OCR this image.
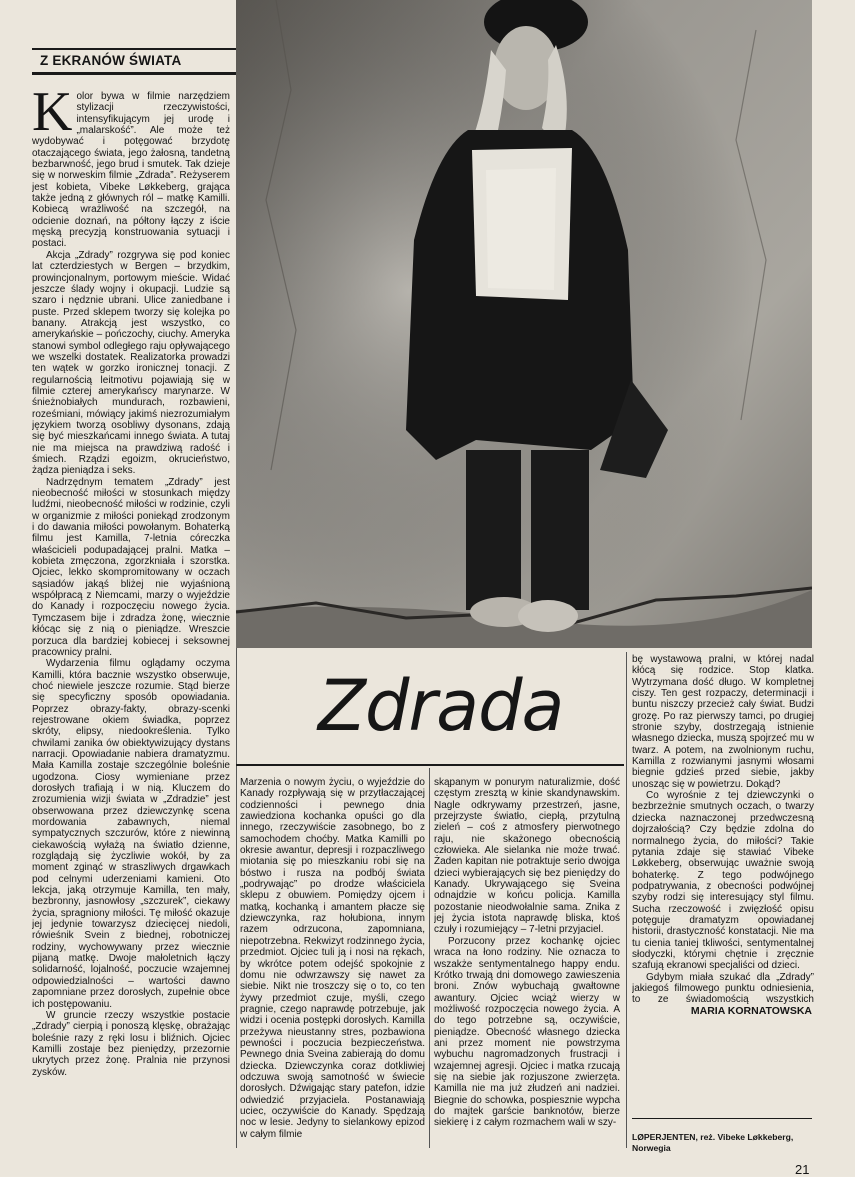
Z EKRANÓW ŚWIATA

Kolor bywa w filmie narzędziem stylizacji rzeczywistości, intensyfikującym jej urodę i „malarskość”. Ale może też wydobywać i potęgować brzydotę otaczającego świata, jego żałosną, tandetną bezbarwność, jego brud i smutek. Tak dzieje się w norweskim filmie „Zdrada”. Reżyserem jest kobieta, Vibeke Løkkeberg, grająca także jedną z głównych ról – matkę Kamilli. Kobiecą wrażliwość na szczegół, na odcienie doznań, na półtony łączy z iście męską precyzją konstruowania sytuacji i postaci.

Akcja „Zdrady” rozgrywa się pod koniec lat czterdziestych w Bergen – brzydkim, prowincjonalnym, portowym mieście. Widać jeszcze ślady wojny i okupacji. Ludzie są szaro i nędznie ubrani. Ulice zaniedbane i puste. Przed sklepem tworzy się kolejka po banany. Atrakcją jest wszystko, co amerykańskie – pończochy, ciuchy. Ameryka stanowi symbol odległego raju opływającego we wszelki dostatek. Realizatorka prowadzi ten wątek w gorzko ironicznej tonacji. Z regularnością leitmotivu pojawiają się w filmie czterej amerykańscy marynarze. W śnieżnobiałych mundurach, rozbawieni, roześmiani, mówiący jakimś niezrozumiałym językiem tworzą osobliwy dysonans, zdają się być mieszkańcami innego świata. A tutaj nie ma miejsca na prawdziwą radość i śmiech. Rządzi egoizm, okrucieństwo, żądza pieniądza i seks.

Nadrzędnym tematem „Zdrady” jest nieobecność miłości w stosunkach między ludźmi, nieobecność miłości w rodzinie, czyli w organizmie z miłości poniekąd zrodzonym i do dawania miłości powołanym. Bohaterką filmu jest Kamilla, 7-letnia córeczka właścicieli podupadającej pralni. Matka – kobieta zmęczona, zgorzkniała i szorstka. Ojciec, lekko skompromitowany w oczach sąsiadów jakąś bliżej nie wyjaśnioną współpracą z Niemcami, marzy o wyjeździe do Kanady i rozpoczęciu nowego życia. Tymczasem bije i zdradza żonę, wiecznie kłócąc się z nią o pieniądze. Wreszcie porzuca dla bardziej kobiecej i seksownej pracownicy pralni.

Wydarzenia filmu oglądamy oczyma Kamilli, która bacznie wszystko obserwuje, choć niewiele jeszcze rozumie. Stąd bierze się specyficzny sposób opowiadania. Poprzez obrazy-fakty, obrazy-scenki rejestrowane okiem świadka, poprzez skróty, elipsy, niedookreślenia. Tylko chwilami zanika ów obiektywizujący dystans narracji. Opowiadanie nabiera dramatyzmu. Mała Kamilla zostaje szczególnie boleśnie ugodzona. Ciosy wymieniane przez dorosłych trafiają i w nią. Kluczem do zrozumienia wizji świata w „Zdradzie” jest obserwowana przez dziewczynkę scena mordowania zabawnych, niemal sympatycznych szczurów, które z niewinną ciekawością wyłażą na światło dzienne, rozglądają się życzliwie wokół, by za moment zginąć w straszliwych drgawkach pod celnymi uderzeniami kamieni. Oto lekcja, jaką otrzymuje Kamilla, ten mały, bezbronny, jasnowłosy „szczurek”, ciekawy życia, spragniony miłości. Tę miłość okazuje jej jedynie towarzysz dziecięcej niedoli, rówieśnik Svein z biednej, robotniczej rodziny, wychowywany przez wiecznie pijaną matkę. Dwoje małoletnich łączy solidarność, lojalność, poczucie wzajemnej odpowiedzialności – wartości dawno zapomniane przez dorosłych, zupełnie obce ich postępowaniu.

W gruncie rzeczy wszystkie postacie „Zdrady” cierpią i ponoszą klęskę, obrażając boleśnie razy z ręki losu i bliźnich. Ojciec Kamilli zostaje bez pieniędzy, przezornie ukrytych przez żonę. Pralnia nie przynosi zysków.

Zdrada

Marzenia o nowym życiu, o wyjeździe do Kanady rozpływają się w przytłaczającej codzienności i pewnego dnia zawiedziona kochanka opuści go dla innego, rzeczywiście zasobnego, bo z samochodem choćby. Matka Kamilli po okresie awantur, depresji i rozpaczliwego miotania się po mieszkaniu robi się na bóstwo i rusza na podbój świata „podrywając” po drodze właściciela sklepu z obuwiem. Pomiędzy ojcem i matką, kochanką i amantem płacze się dziewczynka, raz hołubiona, innym razem odrzucona, zapomniana, niepotrzebna. Rekwizyt rodzinnego życia, przedmiot. Ojciec tuli ją i nosi na rękach, by wkrótce potem odejść spokojnie z domu nie odwrzawszy się nawet za siebie. Nikt nie troszczy się o to, co ten żywy przedmiot czuje, myśli, czego pragnie, czego naprawdę potrzebuje, jak widzi i ocenia postępki dorosłych. Kamilla przeżywa nieustanny stres, pozbawiona pewności i poczucia bezpieczeństwa. Pewnego dnia Sveina zabierają do domu dziecka. Dziewczynka coraz dotkliwiej odczuwa swoją samotność w świecie dorosłych. Dźwigając stary patefon, idzie odwiedzić przyjaciela. Postanawiają uciec, oczywiście do Kanady. Spędzają noc w lesie. Jedyny to sielankowy epizod w całym filmie

skąpanym w ponurym naturalizmie, dość częstym zresztą w kinie skandynawskim. Nagle odkrywamy przestrzeń, jasne, przejrzyste światło, ciepłą, przytulną zieleń – coś z atmosfery pierwotnego raju, nie skażonego obecnością człowieka. Ale sielanka nie może trwać. Żaden kapitan nie potraktuje serio dwojga dzieci wybierających się bez pieniędzy do Kanady. Ukrywającego się Sveina odnajdzie w końcu policja. Kamilla pozostanie nieodwołalnie sama. Znika z jej życia istota naprawdę bliska, ktoś czuły i rozumiejący – 7-letni przyjaciel.

Porzucony przez kochankę ojciec wraca na łono rodziny. Nie oznacza to wszakże sentymentalnego happy endu. Krótko trwają dni domowego zawieszenia broni. Znów wybuchają gwałtowne awantury. Ojciec wciąż wierzy w możliwość rozpoczęcia nowego życia. A do tego potrzebne są, oczywiście, pieniądze. Obecność własnego dziecka ani przez moment nie powstrzyma wybuchu nagromadzonych frustracji i wzajemnej agresji. Ojciec i matka rzucają się na siebie jak rozjuszone zwierzęta. Kamilla nie ma już złudzeń ani nadziei. Biegnie do schowka, pospiesznie wypcha do majtek garście banknotów, bierze siekierę i z całym rozmachem wali w szy-

bę wystawową pralni, w której nadal kłócą się rodzice. Stop klatka. Wytrzymana dość długo. W kompletnej ciszy. Ten gest rozpaczy, determinacji i buntu niszczy przecież cały świat. Budzi grozę. Po raz pierwszy tamci, po drugiej stronie szyby, dostrzegają istnienie własnego dziecka, muszą spojrzeć mu w twarz. A potem, na zwolnionym ruchu, Kamilla z rozwianymi jasnymi włosami biegnie gdzieś przed siebie, jakby unosząc się w powietrzu. Dokąd?

Co wyrośnie z tej dziewczynki o bezbrzeżnie smutnych oczach, o twarzy dziecka naznaczonej przedwczesną dojrzałością? Czy będzie zdolna do normalnego życia, do miłości? Takie pytania zdaje się stawiać Vibeke Løkkeberg, obserwując uważnie swoją bohaterkę. Z tego podwójnego podpatrywania, z obecności podwójnej szyby rodzi się interesujący styl filmu. Sucha rzeczowość i zwięzłość opisu potęguje dramatyzm opowiadanej historii, drastyczność konstatacji. Nie ma tu cienia taniej tkliwości, sentymentalnej słodyczki, którymi chętnie i zręcznie szafują ekranowi specjaliści od dzieci.

Gdybym miała szukać dla „Zdrady” jakiegoś filmowego punktu odniesienia, to ze świadomością wszystkich

MARIA KORNATOWSKA
LØPERJENTEN, reż. Vibeke Løkkeberg, Norwegia
21
